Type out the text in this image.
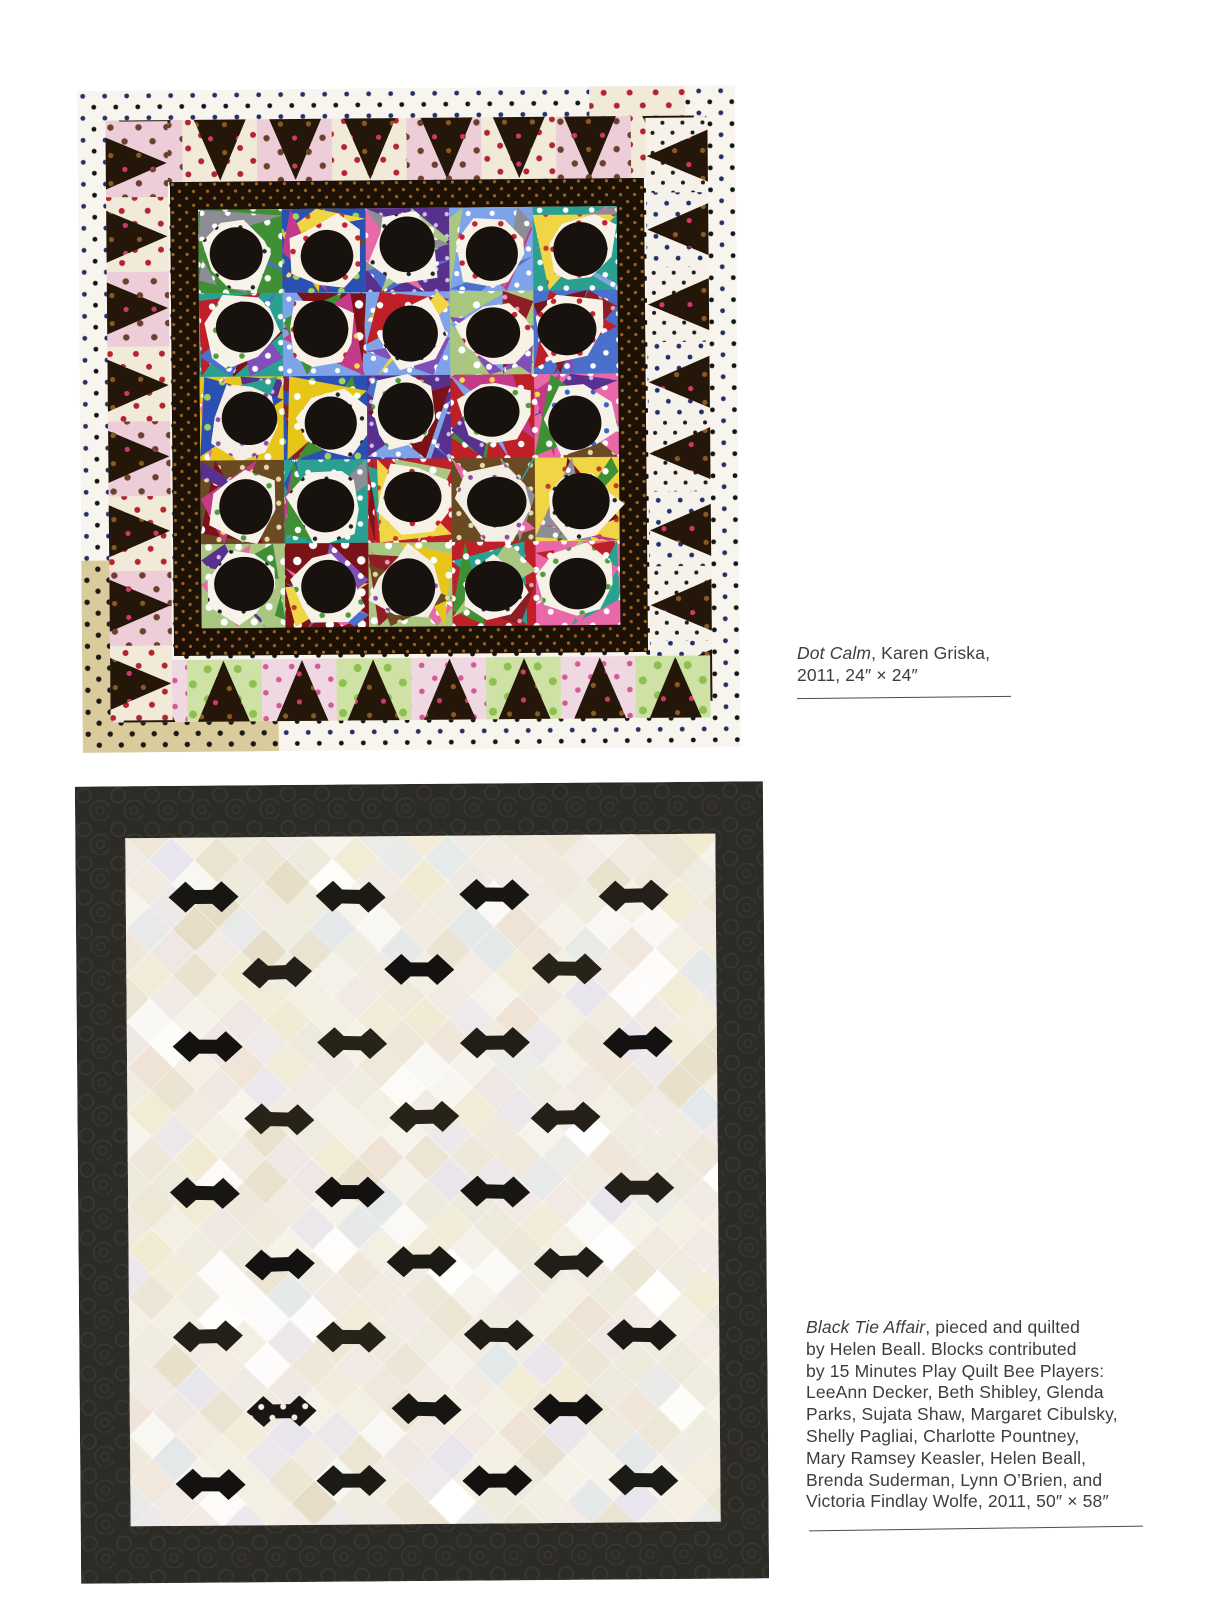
Dot Calm, Karen Griska,
2011, 24″ × 24″
Black Tie Affair, pieced and quilted
by Helen Beall. Blocks contributed
by 15 Minutes Play Quilt Bee Players:
LeeAnn Decker, Beth Shibley, Glenda
Parks, Sujata Shaw, Margaret Cibulsky,
Shelly Pagliai, Charlotte Pountney,
Mary Ramsey Keasler, Helen Beall,
Brenda Suderman, Lynn O’Brien, and
Victoria Findlay Wolfe, 2011, 50″ × 58″
